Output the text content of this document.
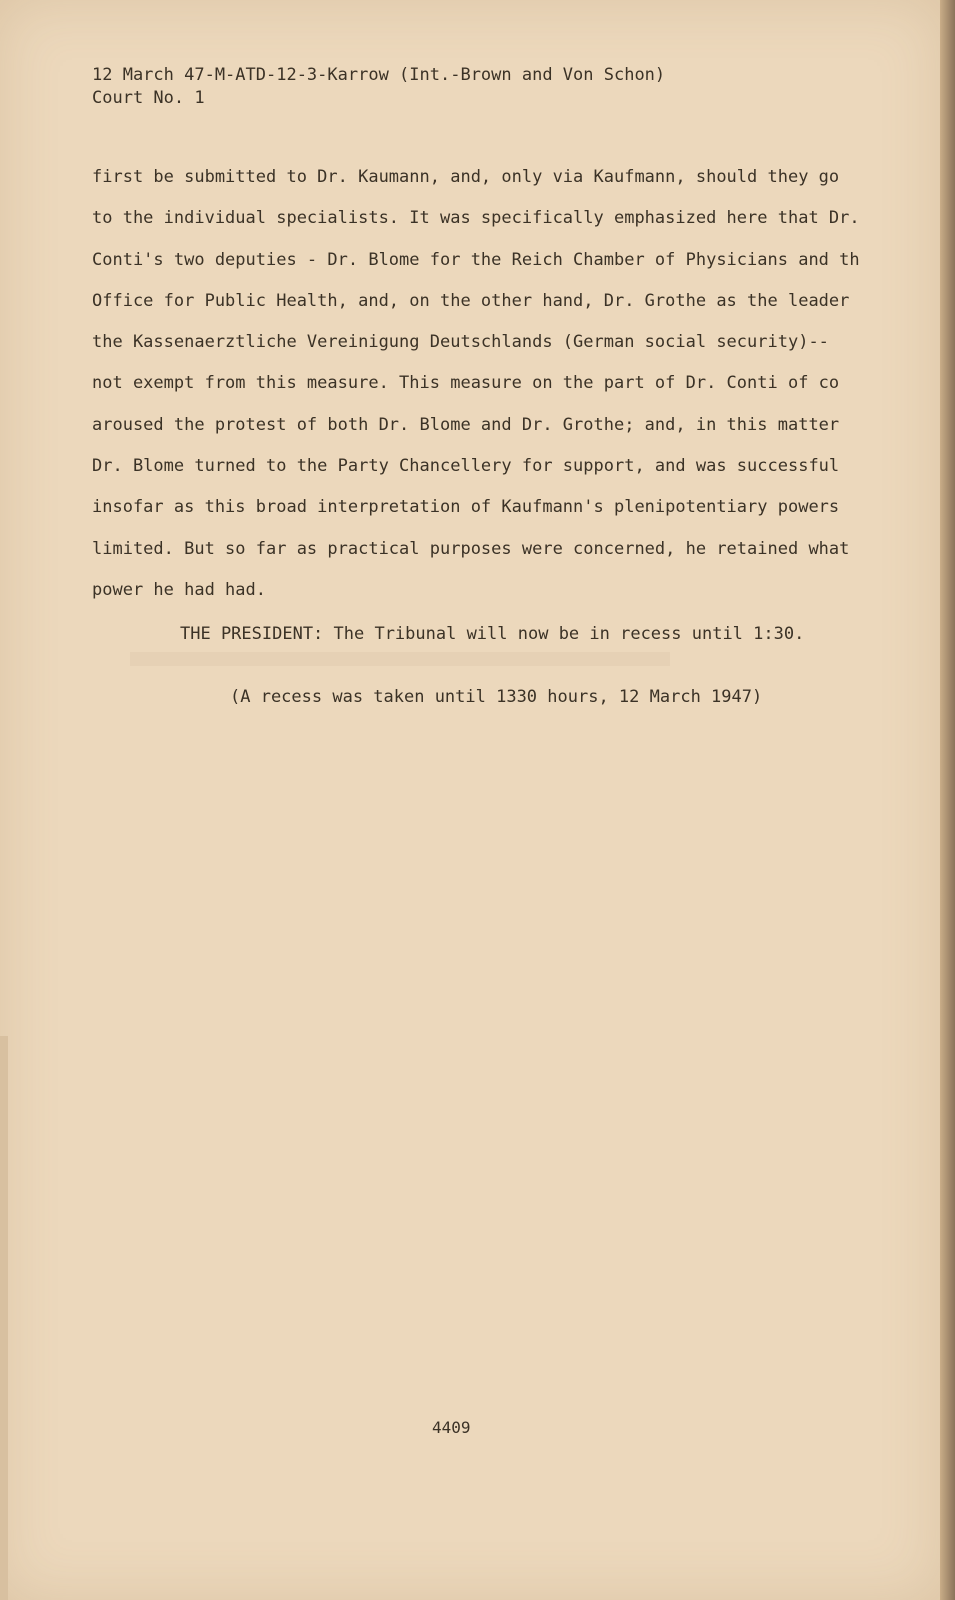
12 March 47-M-ATD-12-3-Karrow (Int.-Brown and Von Schon)
Court No. 1
first be submitted to Dr. Kaumann, and, only via Kaufmann, should they go
to the individual specialists. It was specifically emphasized here that Dr.
Conti's two deputies - Dr. Blome for the Reich Chamber of Physicians and th
Office for Public Health, and, on the other hand, Dr. Grothe as the leader
the Kassenaerztliche Vereinigung Deutschlands (German social security)--
not exempt from this measure. This measure on the part of Dr. Conti of co
aroused the protest of both Dr. Blome and Dr. Grothe; and, in this matter
Dr. Blome turned to the Party Chancellery for support, and was successful
insofar as this broad interpretation of Kaufmann's plenipotentiary powers
limited. But so far as practical purposes were concerned, he retained what
power he had had.
THE PRESIDENT: The Tribunal will now be in recess until 1:30.
(A recess was taken until 1330 hours, 12 March 1947)
4409
